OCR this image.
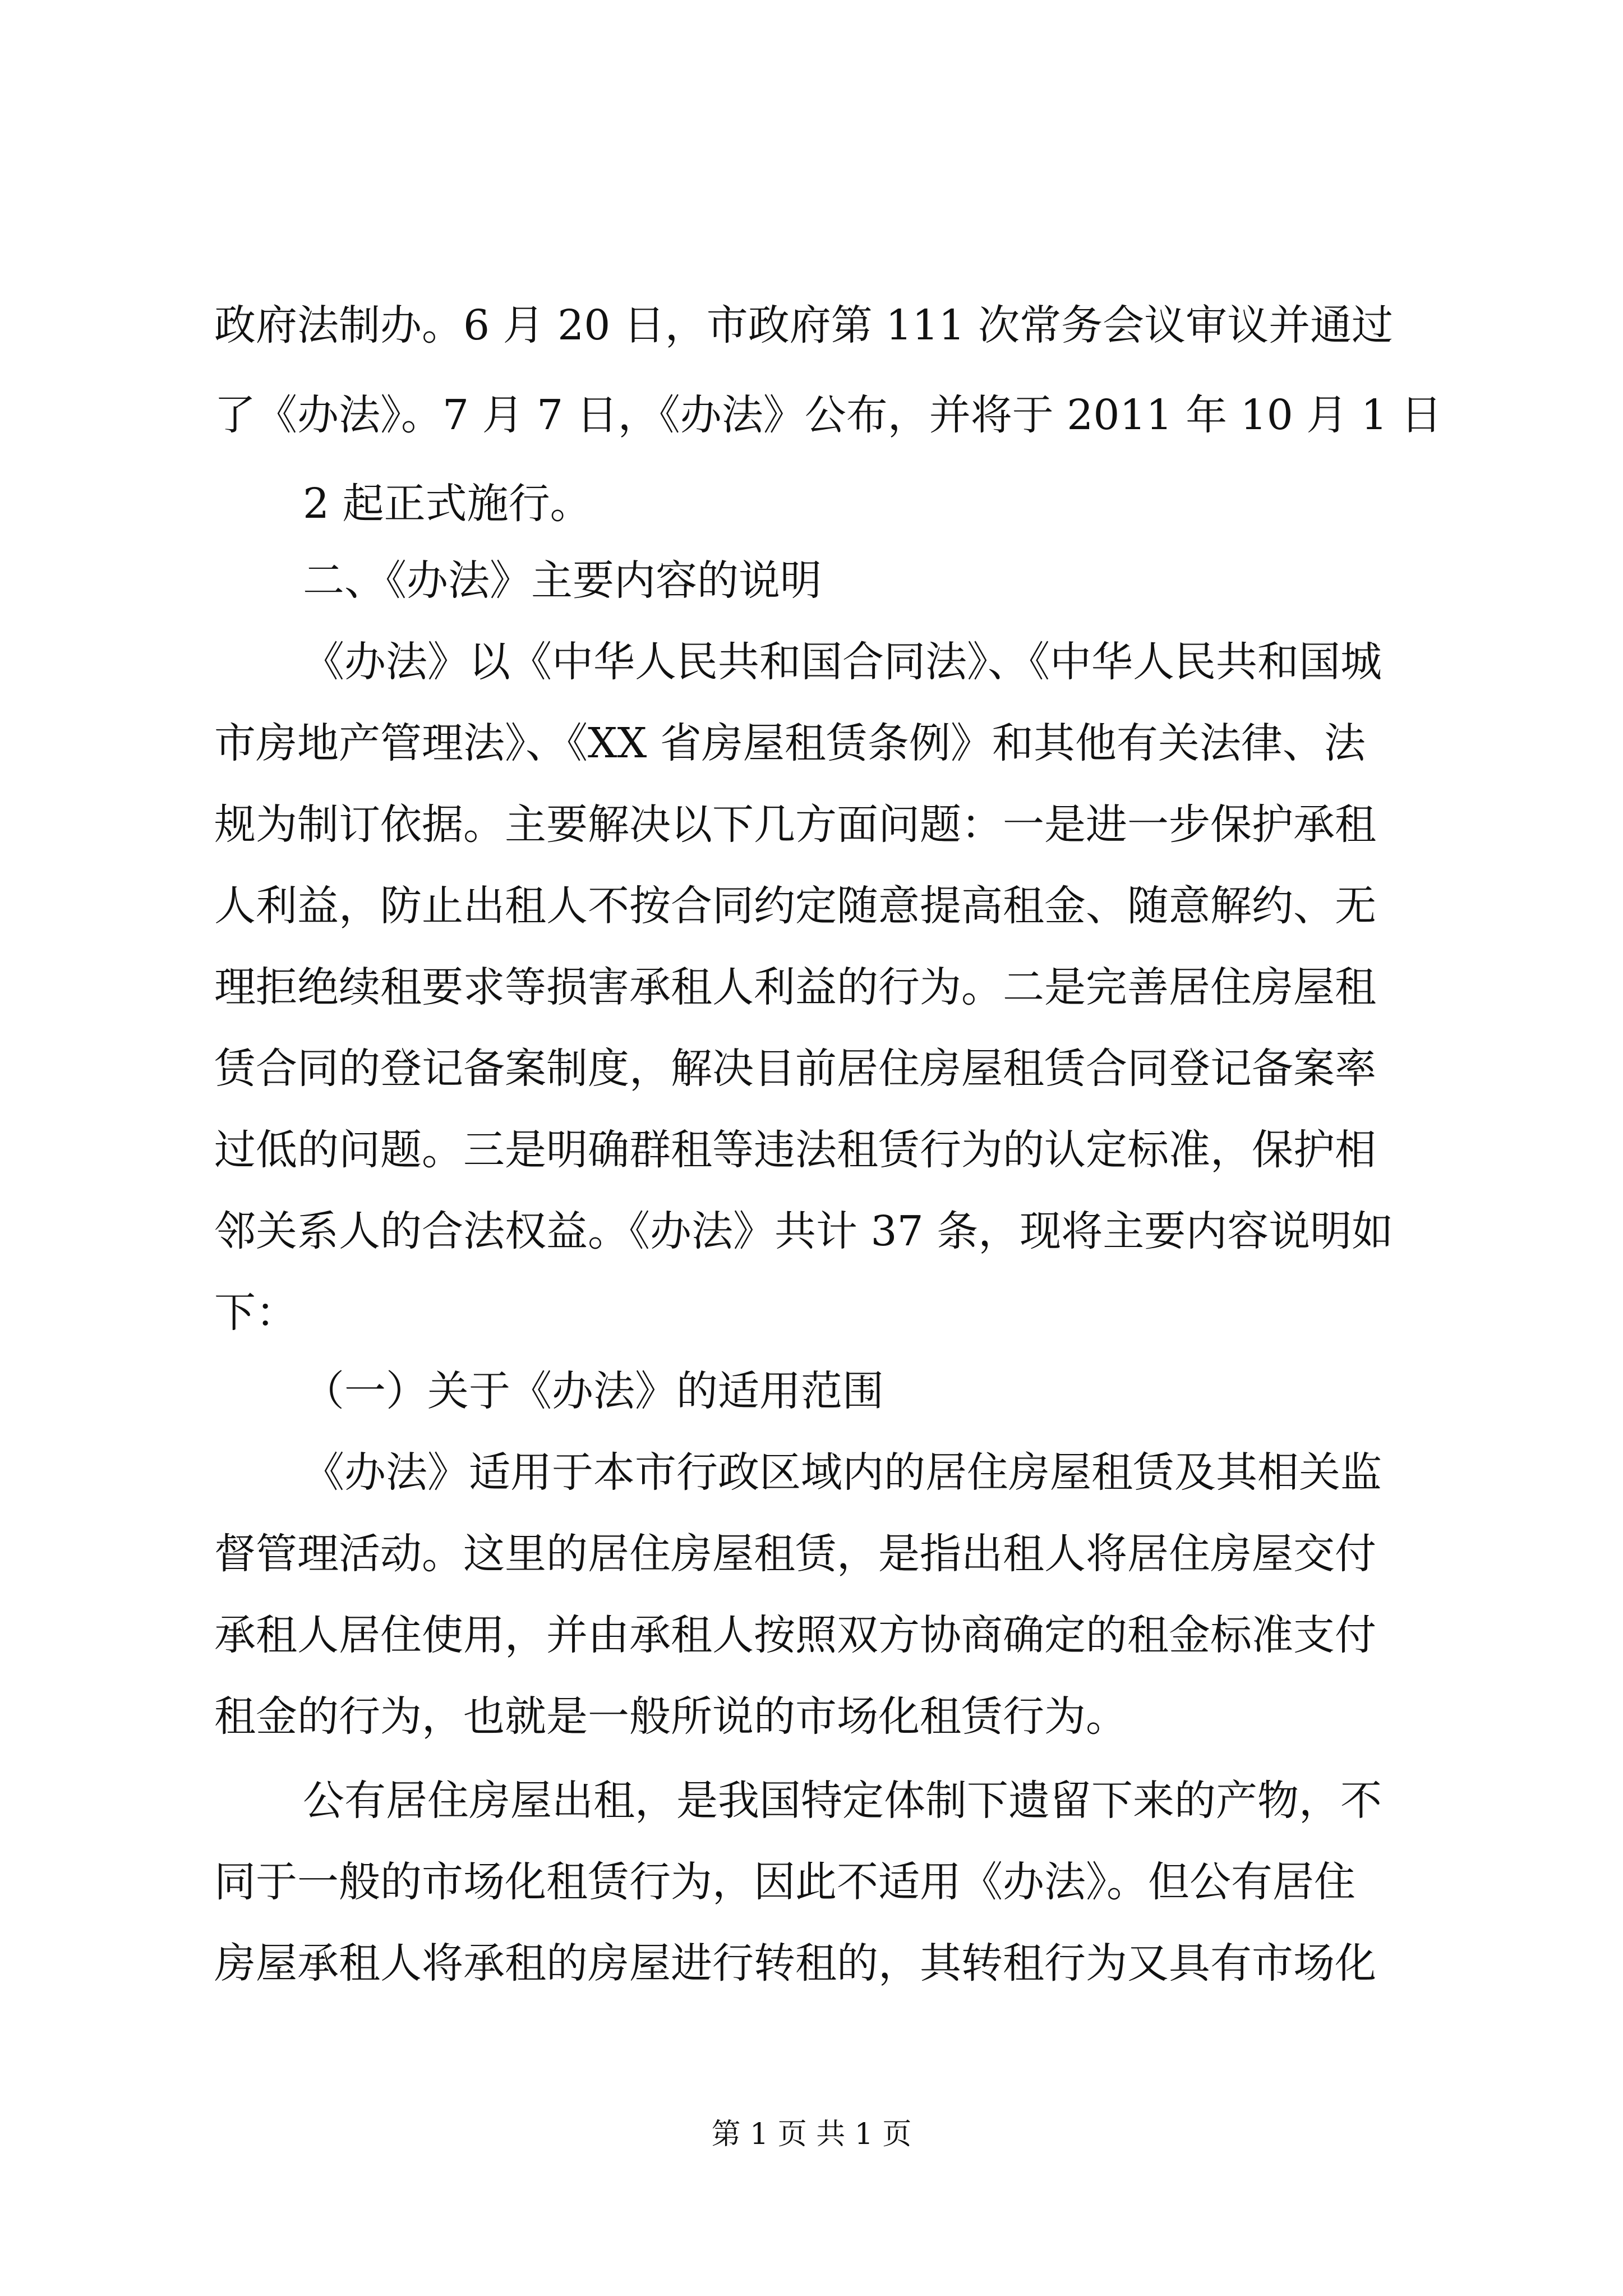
政府法制办。6 月 20 日，市政府第 111 次常务会议审议并通过
了《办法》。7 月 7 日，《办法》公布，并将于 2011 年 10 月 1 日
2 起正式施行。
二、《办法》主要内容的说明
《办法》以《中华人民共和国合同法》、《中华人民共和国城
市房地产管理法》、《XX 省房屋租赁条例》和其他有关法律、法
规为制订依据。主要解决以下几方面问题：一是进一步保护承租
人利益，防止出租人不按合同约定随意提高租金、随意解约、无
理拒绝续租要求等损害承租人利益的行为。二是完善居住房屋租
赁合同的登记备案制度，解决目前居住房屋租赁合同登记备案率
过低的问题。三是明确群租等违法租赁行为的认定标准，保护相
邻关系人的合法权益。《办法》共计 37 条，现将主要内容说明如
下：
（一）关于《办法》的适用范围
《办法》适用于本市行政区域内的居住房屋租赁及其相关监
督管理活动。这里的居住房屋租赁，是指出租人将居住房屋交付
承租人居住使用，并由承租人按照双方协商确定的租金标准支付
租金的行为，也就是一般所说的市场化租赁行为。
公有居住房屋出租，是我国特定体制下遗留下来的产物，不
同于一般的市场化租赁行为，因此不适用《办法》。但公有居住
房屋承租人将承租的房屋进行转租的，其转租行为又具有市场化
第 1 页 共 1 页
